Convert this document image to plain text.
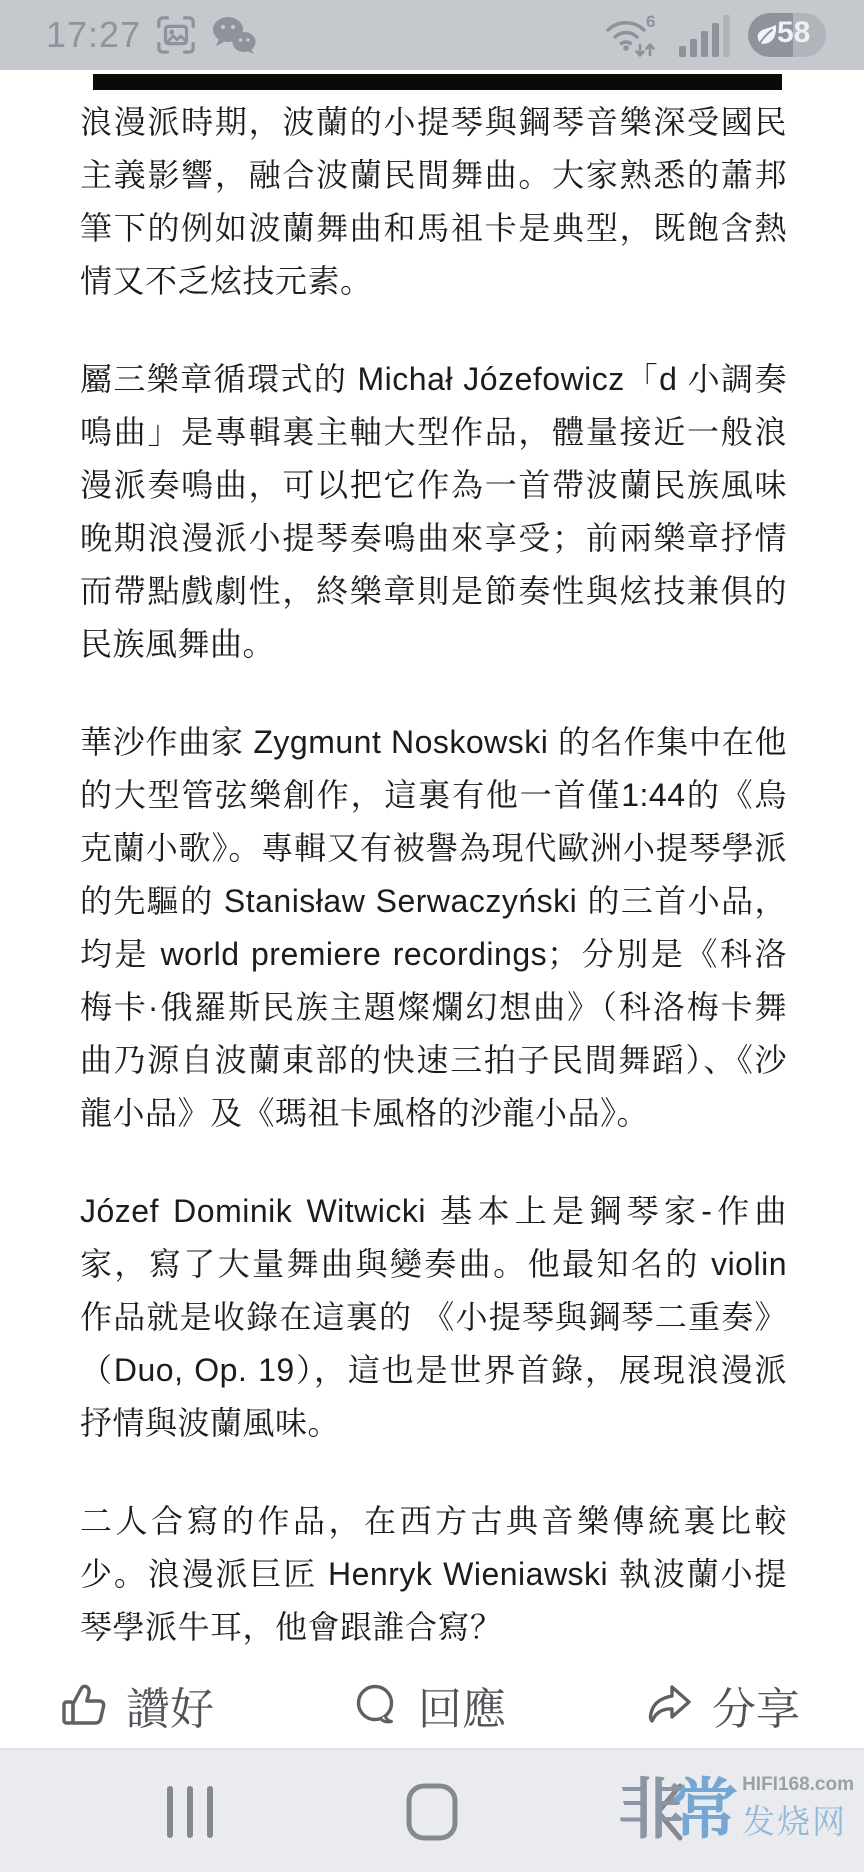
17:27	6	58

浪漫派時期，波蘭的小提琴與鋼琴音樂深受國民主義影響，融合波蘭民間舞曲。大家熟悉的蕭邦筆下的例如波蘭舞曲和馬祖卡是典型，既飽含熱情又不乏炫技元素。

屬三樂章循環式的 Michał Józefowicz「d 小調奏鳴曲」是專輯裏主軸大型作品，體量接近一般浪漫派奏鳴曲，可以把它作為一首帶波蘭民族風味晚期浪漫派小提琴奏鳴曲來享受；前兩樂章抒情而帶點戲劇性，終樂章則是節奏性與炫技兼俱的民族風舞曲。

華沙作曲家 Zygmunt Noskowski 的名作集中在他的大型管弦樂創作，這裏有他一首僅1:44的《烏克蘭小歌》。專輯又有被譽為現代歐洲小提琴學派的先驅的 Stanisław Serwaczyński 的三首小品，均是 world premiere recordings；分別是《科洛梅卡·俄羅斯民族主題燦爛幻想曲》（科洛梅卡舞曲乃源自波蘭東部的快速三拍子民間舞蹈）、《沙龍小品》及《瑪祖卡風格的沙龍小品》。

Józef Dominik Witwicki 基本上是鋼琴家-作曲家，寫了大量舞曲與變奏曲。他最知名的 violin 作品就是收錄在這裏的 《小提琴與鋼琴二重奏》（Duo, Op. 19），這也是世界首錄，展現浪漫派抒情與波蘭風味。

二人合寫的作品，在西方古典音樂傳統裏比較少。浪漫派巨匠 Henryk Wieniawski 執波蘭小提琴學派牛耳，他會跟誰合寫？

讚好	回應	分享
非常 HIFI168.com
发烧网
